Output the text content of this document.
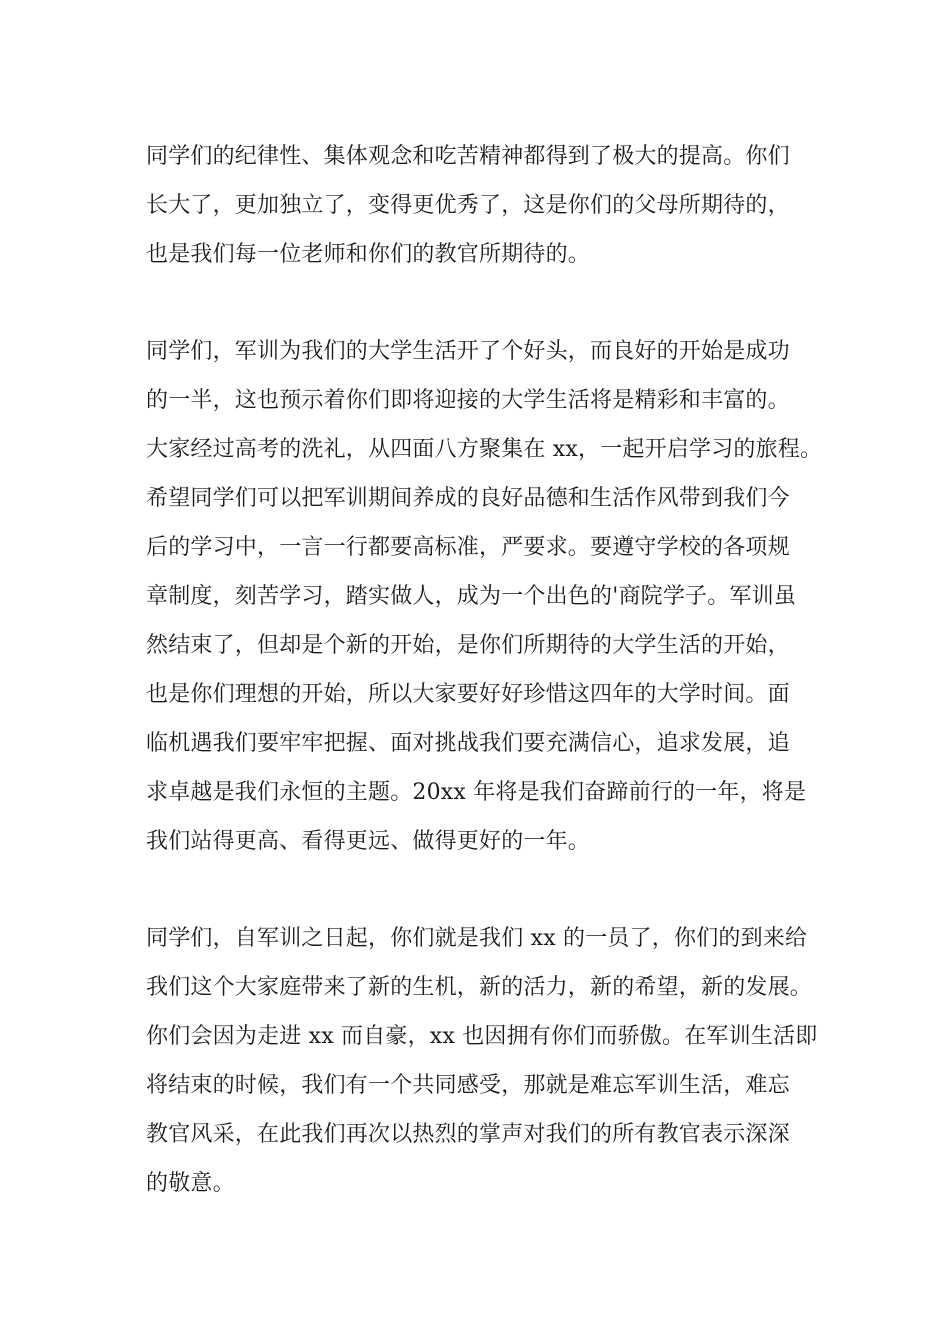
同学们的纪律性、集体观念和吃苦精神都得到了极大的提高。你们
长大了，更加独立了，变得更优秀了，这是你们的父母所期待的，
也是我们每一位老师和你们的教官所期待的。
同学们，军训为我们的大学生活开了个好头，而良好的开始是成功
的一半，这也预示着你们即将迎接的大学生活将是精彩和丰富的。
大家经过高考的洗礼，从四面八方聚集在 xx，一起开启学习的旅程。
希望同学们可以把军训期间养成的良好品德和生活作风带到我们今
后的学习中，一言一行都要高标准，严要求。要遵守学校的各项规
章制度，刻苦学习，踏实做人，成为一个出色的'商院学子。军训虽
然结束了，但却是个新的开始，是你们所期待的大学生活的开始，
也是你们理想的开始，所以大家要好好珍惜这四年的大学时间。面
临机遇我们要牢牢把握、面对挑战我们要充满信心，追求发展，追
求卓越是我们永恒的主题。20xx 年将是我们奋蹄前行的一年，将是
我们站得更高、看得更远、做得更好的一年。
同学们，自军训之日起，你们就是我们 xx 的一员了，你们的到来给
我们这个大家庭带来了新的生机，新的活力，新的希望，新的发展。
你们会因为走进 xx 而自豪，xx 也因拥有你们而骄傲。在军训生活即
将结束的时候，我们有一个共同感受，那就是难忘军训生活，难忘
教官风采，在此我们再次以热烈的掌声对我们的所有教官表示深深
的敬意。
